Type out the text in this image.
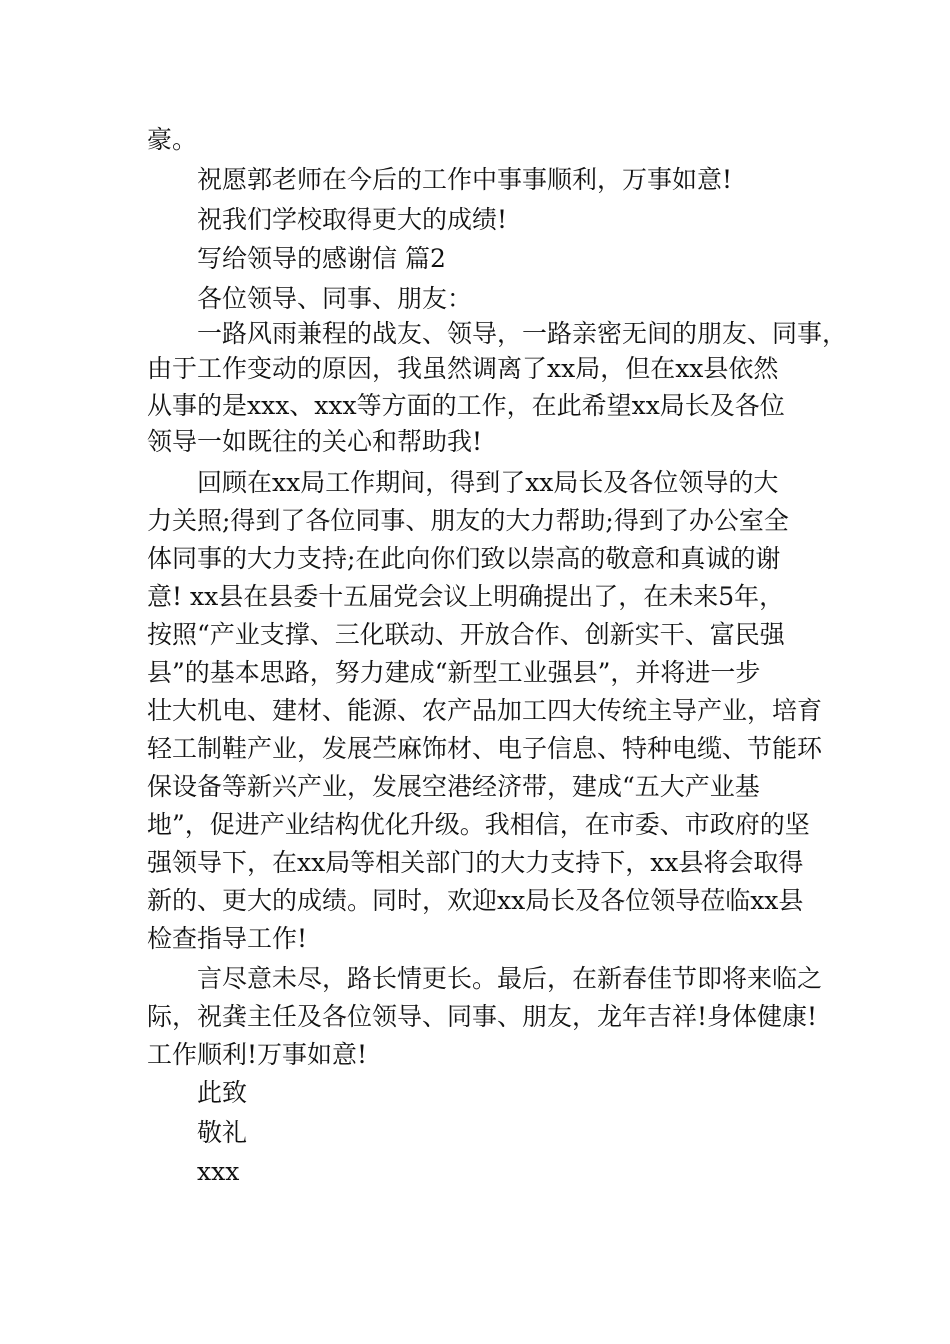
豪。
祝愿郭老师在今后的工作中事事顺利，万事如意!
祝我们学校取得更大的成绩!
写给领导的感谢信 篇2
各位领导、同事、朋友：
一路风雨兼程的战友、领导，一路亲密无间的朋友、同事，
由于工作变动的原因，我虽然调离了xx局，但在xx县依然
从事的是xxx、xxx等方面的工作，在此希望xx局长及各位
领导一如既往的关心和帮助我!
回顾在xx局工作期间，得到了xx局长及各位领导的大
力关照;得到了各位同事、朋友的大力帮助;得到了办公室全
体同事的大力支持;在此向你们致以崇高的敬意和真诚的谢
意! xx县在县委十五届党会议上明确提出了，在未来5年，
按照“产业支撑、三化联动、开放合作、创新实干、富民强
县”的基本思路，努力建成“新型工业强县”，并将进一步
壮大机电、建材、能源、农产品加工四大传统主导产业，培育
轻工制鞋产业，发展苎麻饰材、电子信息、特种电缆、节能环
保设备等新兴产业，发展空港经济带，建成“五大产业基
地”，促进产业结构优化升级。我相信，在市委、市政府的坚
强领导下，在xx局等相关部门的大力支持下，xx县将会取得
新的、更大的成绩。同时，欢迎xx局长及各位领导莅临xx县
检查指导工作!
言尽意未尽，路长情更长。最后，在新春佳节即将来临之
际，祝龚主任及各位领导、同事、朋友，龙年吉祥!身体健康!
工作顺利!万事如意!
此致
敬礼
xxx
